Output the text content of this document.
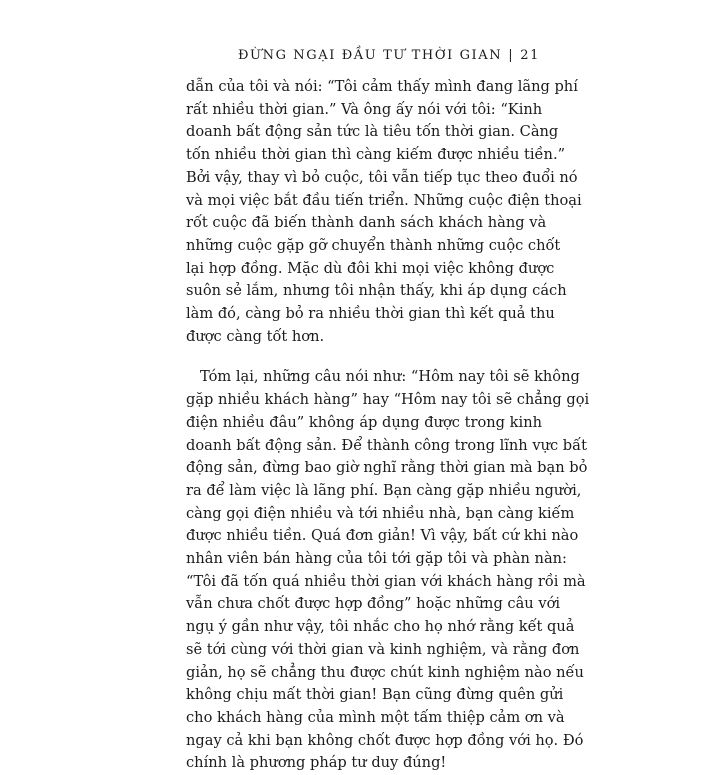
ĐỪNG NGẠI ĐẦU TƯ THỜI GIAN | 21

dẫn của tôi và nói: “Tôi cảm thấy mình đang lãng phí
rất nhiều thời gian.” Và ông ấy nói với tôi: “Kinh
doanh bất động sản tức là tiêu tốn thời gian. Càng
tốn nhiều thời gian thì càng kiếm được nhiều tiền.”
Bởi vậy, thay vì bỏ cuộc, tôi vẫn tiếp tục theo đuổi nó
và mọi việc bắt đầu tiến triển. Những cuộc điện thoại
rốt cuộc đã biến thành danh sách khách hàng và
những cuộc gặp gỡ chuyển thành những cuộc chốt
lại hợp đồng. Mặc dù đôi khi mọi việc không được
suôn sẻ lắm, nhưng tôi nhận thấy, khi áp dụng cách
làm đó, càng bỏ ra nhiều thời gian thì kết quả thu
được càng tốt hơn.

Tóm lại, những câu nói như: “Hôm nay tôi sẽ không
gặp nhiều khách hàng” hay “Hôm nay tôi sẽ chẳng gọi
điện nhiều đâu” không áp dụng được trong kinh
doanh bất động sản. Để thành công trong lĩnh vực bất
động sản, đừng bao giờ nghĩ rằng thời gian mà bạn bỏ
ra để làm việc là lãng phí. Bạn càng gặp nhiều người,
càng gọi điện nhiều và tới nhiều nhà, bạn càng kiếm
được nhiều tiền. Quá đơn giản! Vì vậy, bất cứ khi nào
nhân viên bán hàng của tôi tới gặp tôi và phàn nàn:
“Tôi đã tốn quá nhiều thời gian với khách hàng rồi mà
vẫn chưa chốt được hợp đồng” hoặc những câu với
ngụ ý gần như vậy, tôi nhắc cho họ nhớ rằng kết quả
sẽ tới cùng với thời gian và kinh nghiệm, và rằng đơn
giản, họ sẽ chẳng thu được chút kinh nghiệm nào nếu
không chịu mất thời gian! Bạn cũng đừng quên gửi
cho khách hàng của mình một tấm thiệp cảm ơn và
ngay cả khi bạn không chốt được hợp đồng với họ. Đó
chính là phương pháp tư duy đúng!
